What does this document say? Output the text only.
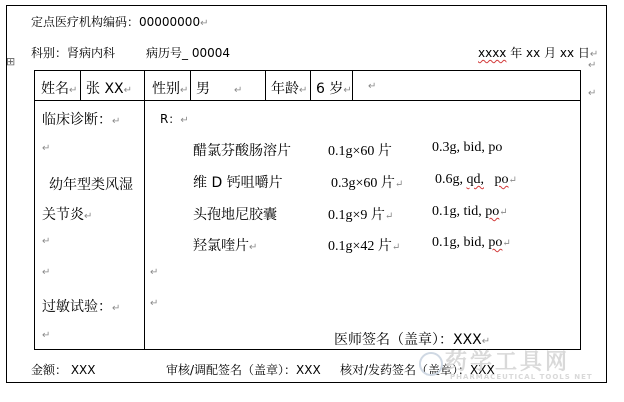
定点医疗机构编码：00000000↵
科别：肾病内科	病历号_ 00004	xxxx 年 xx 月 xx 日↵
⊞	↵
↵
姓名↵ 张 XX↵ 性别↵ 男 ↵ 年龄↵ 6 岁↵ ↵
临床诊断：↵
↵
幼年型类风湿
关节炎↵
↵
↵
过敏试验：↵
↵
R：↵
醋氯芬酸肠溶片	0.1g×60 片	0.3g, bid, po
维 D 钙咀嚼片	0.3g×60 片↵ 0.6g, qd, po↵
头孢地尼胶囊	0.1g×9 片↵	0.1g, tid, po↵
羟氯喹片↵	0.1g×42 片↵ 0.1g, bid, po↵
↵
↵
医师签名（盖章）：XXX↵
金额： XXX	审核/调配签名（盖章）：XXX 核对/发药签名（盖章）：XXX
药学工具网
PHARMACEUTICAL TOOLS NET
